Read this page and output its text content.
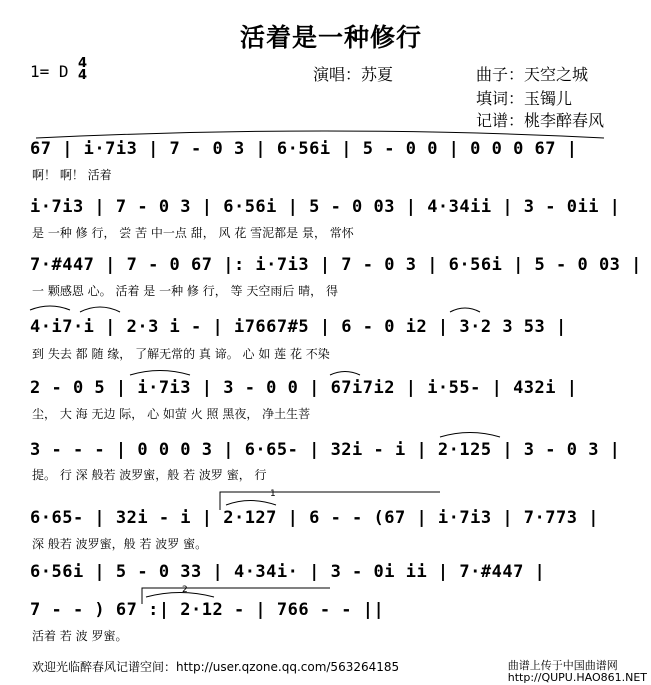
活着是一种修行
1= D 4
4	演唱：苏夏	曲子：天空之城
填词：玉镯儿
记谱：桃李醉春风
67 | i·7i3 | 7 - 0 3 | 6·56i | 5 - 0 0 | 0 0 0 67 |
啊！ 啊！ 活着
i·7i3 | 7 - 0 3 | 6·56i | 5 - 0 03 | 4·34ii | 3 - 0ii |
是 一种 修 行， 尝 苦 中一点 甜， 风 花 雪泥都是 景， 常怀
7·#447 | 7 - 0 67 |: i·7i3 | 7 - 0 3 | 6·56i | 5 - 0 03 |
一 颗感恩 心。 活着 是 一种 修 行， 等 天空雨后 晴， 得
4·i7·i | 2·3 i - | i7667#5 | 6 - 0 i2 | 3·2 3 53 |
到 失去 都 随 缘， 了解无常的 真 谛。 心 如 莲 花 不染
2 - 0 5 | i·7i3 | 3 - 0 0 | 67i7i2 | i·55- | 432i |
尘， 大 海 无边 际， 心 如萤 火 照 黑夜， 净土生菩
3 - - - | 0 0 0 3 | 6·65- | 32i - i | 2·125 | 3 - 0 3 |
提。 行 深 般若 波罗蜜，般 若 波罗 蜜， 行
6·65- | 32i - i | 2·127 | 6 - - (67 | i·7i3 | 7·773 |
深 般若 波罗蜜，般 若 波罗 蜜。
6·56i | 5 - 0 33 | 4·34i· | 3 - 0i ii | 7·#447 |
7 - - ) 67 :| 2·12 - | 766 - - ||
活着 若 波 罗蜜。
1
2
欢迎光临醉春风记谱空间：http://user.qzone.qq.com/563264185	曲谱上传于中国曲谱网
http://QUPU.HAO861.NET
